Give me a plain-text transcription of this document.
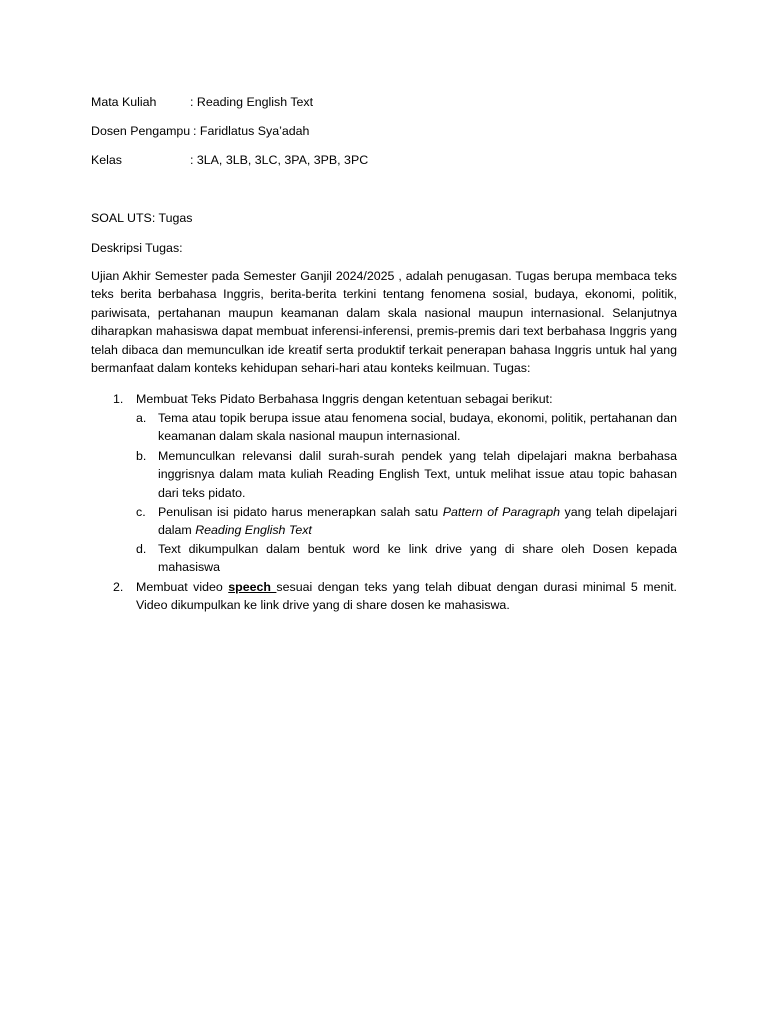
Mata Kuliah	: Reading English Text
Dosen Pengampu : Faridlatus Sya’adah
Kelas	: 3LA, 3LB, 3LC, 3PA, 3PB, 3PC
SOAL UTS: Tugas
Deskripsi Tugas:
Ujian Akhir Semester pada Semester Ganjil 2024/2025 , adalah penugasan. Tugas berupa membaca teks teks berita berbahasa Inggris, berita-berita terkini tentang fenomena sosial, budaya, ekonomi, politik, pariwisata, pertahanan maupun keamanan dalam skala nasional maupun internasional. Selanjutnya diharapkan mahasiswa dapat membuat inferensi-inferensi, premis-premis dari text berbahasa Inggris yang telah dibaca dan memunculkan ide kreatif serta produktif terkait penerapan bahasa Inggris untuk hal yang bermanfaat dalam konteks kehidupan sehari-hari atau konteks keilmuan. Tugas:
1. Membuat Teks Pidato Berbahasa Inggris dengan ketentuan sebagai berikut:
a. Tema atau topik berupa issue atau fenomena social, budaya, ekonomi, politik, pertahanan dan keamanan dalam skala nasional maupun internasional.
b. Memunculkan relevansi dalil surah-surah pendek yang telah dipelajari makna berbahasa inggrisnya dalam mata kuliah Reading English Text, untuk melihat issue atau topic bahasan dari teks pidato.
c. Penulisan isi pidato harus menerapkan salah satu Pattern of Paragraph yang telah dipelajari dalam Reading English Text
d. Text dikumpulkan dalam bentuk word ke link drive yang di share oleh Dosen kepada mahasiswa
2. Membuat video speech sesuai dengan teks yang telah dibuat dengan durasi minimal 5 menit. Video dikumpulkan ke link drive yang di share dosen ke mahasiswa.
